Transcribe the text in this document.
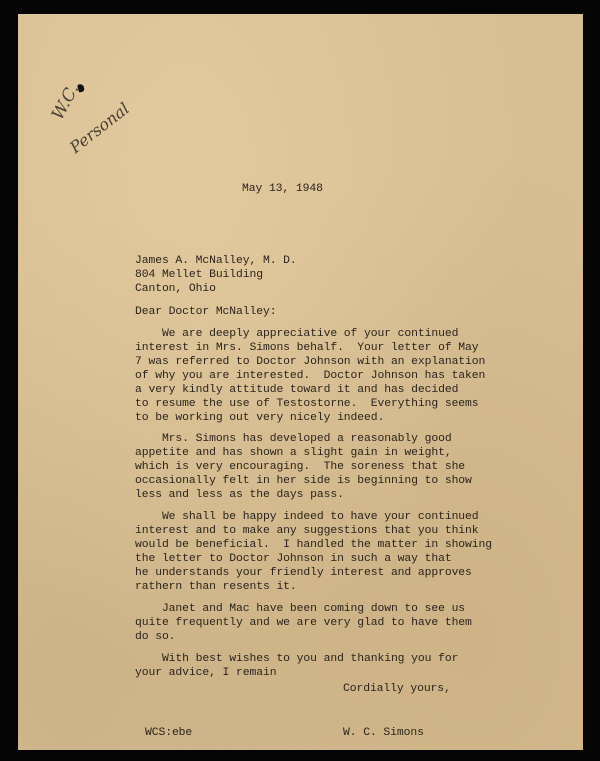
W.C.
Personal

May 13, 1948

James A. McNalley, M. D.

804 Mellet Building

Canton, Ohio

Dear Doctor McNalley:

We are deeply appreciative of your continued
interest in Mrs. Simons behalf.  Your letter of May
7 was referred to Doctor Johnson with an explanation
of why you are interested.  Doctor Johnson has taken
a very kindly attitude toward it and has decided
to resume the use of Testostorne.  Everything seems
to be working out very nicely indeed.

Mrs. Simons has developed a reasonably good
appetite and has shown a slight gain in weight,
which is very encouraging.  The soreness that she
occasionally felt in her side is beginning to show
less and less as the days pass.

We shall be happy indeed to have your continued
interest and to make any suggestions that you think
would be beneficial.  I handled the matter in showing
the letter to Doctor Johnson in such a way that
he understands your friendly interest and approves
rathern than resents it.

Janet and Mac have been coming down to see us
quite frequently and we are very glad to have them
do so.

With best wishes to you and thanking you for
your advice, I remain

Cordially yours,

W. C. Simons

WCS:ebe
